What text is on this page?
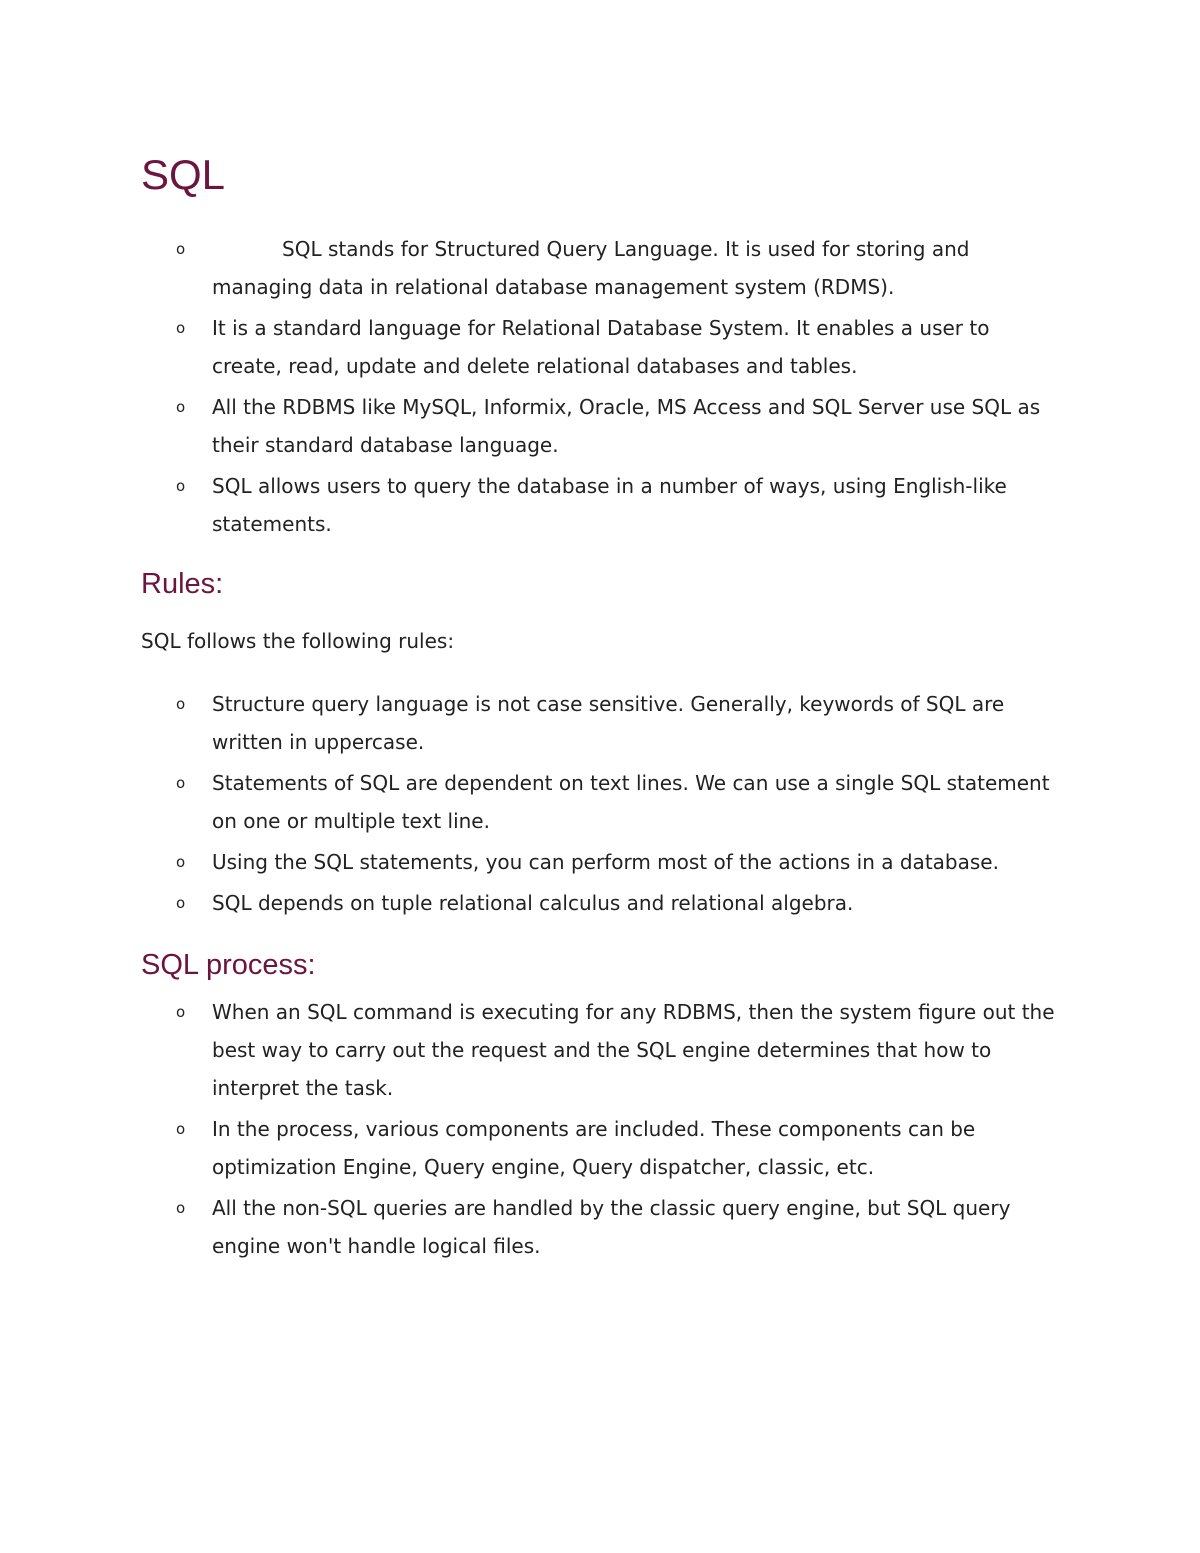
SQL
o	SQL stands for Structured Query Language. It is used for storing and managing data in relational database management system (RDMS).
o It is a standard language for Relational Database System. It enables a user to create, read, update and delete relational databases and tables.
o All the RDBMS like MySQL, Informix, Oracle, MS Access and SQL Server use SQL as their standard database language.
o SQL allows users to query the database in a number of ways, using English-like statements.
Rules:

SQL follows the following rules:

o Structure query language is not case sensitive. Generally, keywords of SQL are written in uppercase.
o Statements of SQL are dependent on text lines. We can use a single SQL statement on one or multiple text line.
o Using the SQL statements, you can perform most of the actions in a database.
o SQL depends on tuple relational calculus and relational algebra.
SQL process:
o When an SQL command is executing for any RDBMS, then the system figure out the best way to carry out the request and the SQL engine determines that how to interpret the task.
o In the process, various components are included. These components can be optimization Engine, Query engine, Query dispatcher, classic, etc.
o All the non-SQL queries are handled by the classic query engine, but SQL query engine won't handle logical files.
